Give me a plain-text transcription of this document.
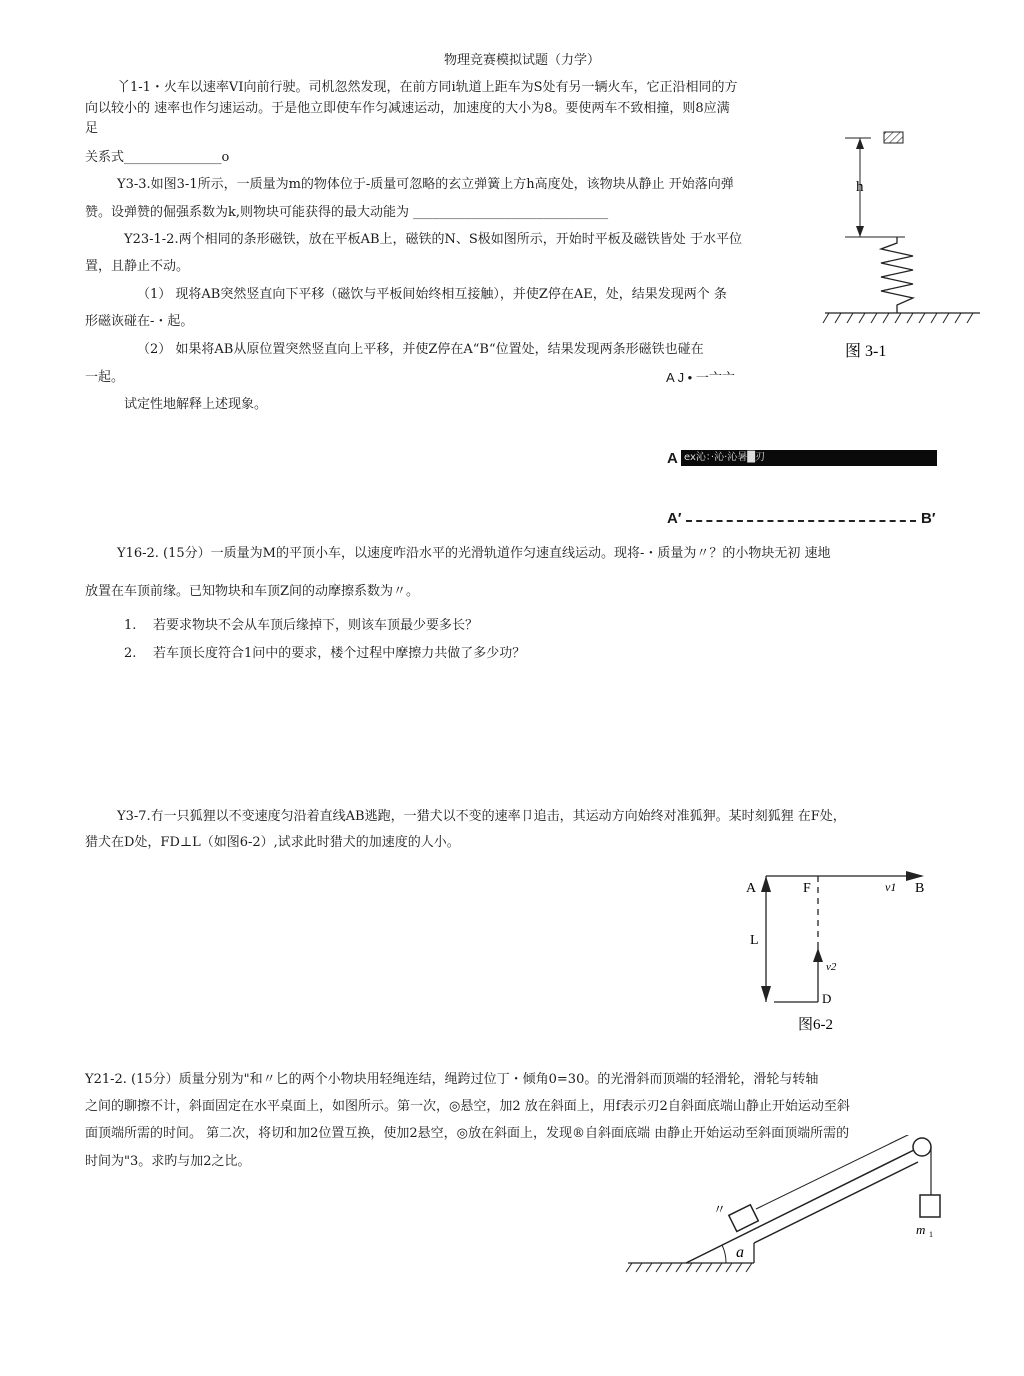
物理竞赛模拟试题（力学）
丫1-1・火车以速率VI向前行驶。司机忽然发现，在前方同i轨道上距车为S处有另一辆火车，它正沿相同的方
向以较小的 速率也作匀速运动。于是他立即使车作匀减速运动，加速度的大小为8。要使两车不致相撞，则8应满
足
关系式_______________o
Y3-3.如图3-1所示，一质量为m的物体位于-质量可忽略的玄立弹簧上方h高度处，该物块从静止 开始落向弹
赞。设弹赞的倔强系数为k,则物块可能获得的最大动能为 ______________________________
Y23-1-2.两个相同的条形磁铁，放在平板AB上，磁铁的N、S极如图所示，开始时平板及磁铁皆处 于水平位
置，且静止不动。
（1） 现将AB突然竖直向下平移（磁饮与平板间始终相互接触），并使Z停在AE，处，结果发现两个 条
形磁诙碰在-・起。
（2） 如果将AB从原位置突然竖直向上平移，并使Z停在A“B“位置处，结果发现两条形磁铁也碰在
一起。	A J • 一亠亠
试定性地解释上述现象。
h
图 3-1
A ex沁：·沁·沁暑█刃
A′	B′
Y16-2. (15分）一质量为M的平顶小车，以速度咋沿水平的光滑轨道作匀速直线运动。现将-・质量为〃？的小物块无初 速地
放置在车顶前缘。已知物块和车顶Z间的动摩擦系数为〃。
1. 若要求物块不会从车顶后缘掉下，则该车顶最少要多长？
2. 若车顶长度符合1问中的要求，楼个过程中摩擦力共做了多少功？
Y3-7.冇一只狐狸以不变速度匀沿着直线AB逃跑，一猎犬以不变的速率卩追击，其运动方向始终对准狐狎。某时刻狐狸 在F处，
猎犬在D处，FD⊥L（如图6-2）,试求此时猎犬的加速度的人小。
A	F	v1 B
L
v2
D
图6-2
Y21-2. (15分）质量分别为"和〃匕的两个小物块用轻绳连结，绳跨过位丁・倾角0=30。的光滑斜而顶端的轻滑轮，滑轮与转轴
之间的聊擦不计，斜面固定在水平桌面上，如图所示。第一次，◎悬空，加2 放在斜面上，用f表示刃2自斜面底端山静止开始运动至斜
面顶端所需的时间。 第二次，将切和加2位置互换，使加2悬空，◎放在斜面上，发现®自斜面底端 由静止开始运动至斜面顶端所需的
时间为"3。求旳与加2之比。
a
m 1
〃
